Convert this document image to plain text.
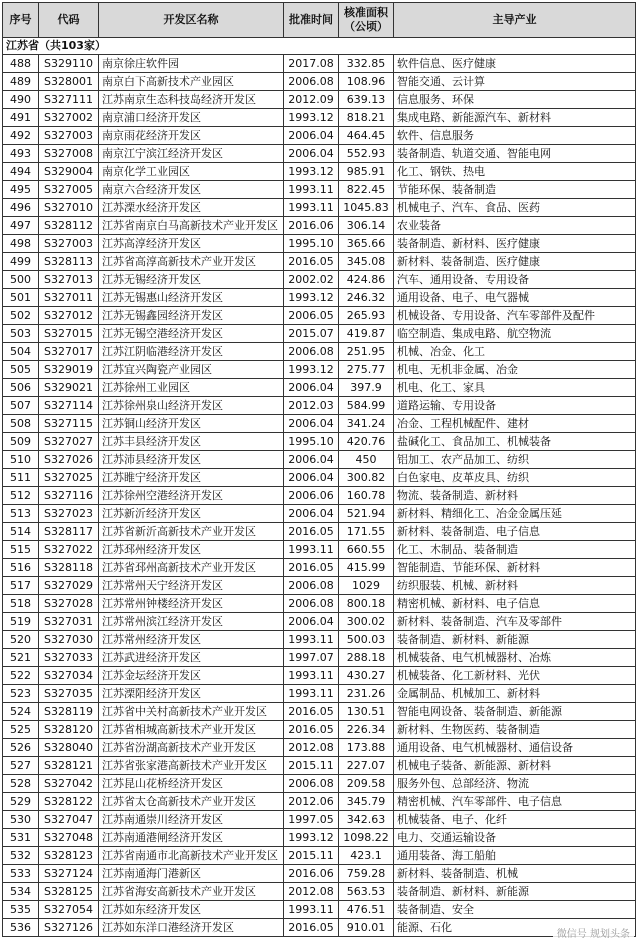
序号	代码	开发区名称	批准时间	核准面积（公顷）	主导产业
江苏省（共103家）					
488	S329110	南京徐庄软件园	2017.08	332.85	软件信息、医疗健康
489	S328001	南京白下高新技术产业园区	2006.08	108.96	智能交通、云计算
490	S327111	江苏南京生态科技岛经济开发区	2012.09	639.13	信息服务、环保
491	S327002	南京浦口经济开发区	1993.12	818.21	集成电路、新能源汽车、新材料
492	S327003	南京雨花经济开发区	2006.04	464.45	软件、信息服务
493	S327008	南京江宁滨江经济开发区	2006.04	552.93	装备制造、轨道交通、智能电网
494	S329004	南京化学工业园区	1993.12	985.91	化工、钢铁、热电
495	S327005	南京六合经济开发区	1993.11	822.45	节能环保、装备制造
496	S327010	江苏溧水经济开发区	1993.11	1045.83	机械电子、汽车、食品、医药
497	S328112	江苏省南京白马高新技术产业开发区	2016.06	306.14	农业装备
498	S327003	江苏高淳经济开发区	1995.10	365.66	装备制造、新材料、医疗健康
499	S328113	江苏省高淳高新技术产业开发区	2016.05	345.08	新材料、装备制造、医疗健康
500	S327013	江苏无锡经济开发区	2002.02	424.86	汽车、通用设备、专用设备
501	S327011	江苏无锡惠山经济开发区	1993.12	246.32	通用设备、电子、电气器械
502	S327012	江苏无锡鑫园经济开发区	2006.05	265.93	机械设备、专用设备、汽车零部件及配件
503	S327015	江苏无锡空港经济开发区	2015.07	419.87	临空制造、集成电路、航空物流
504	S327017	江苏江阴临港经济开发区	2006.08	251.95	机械、冶金、化工
505	S329019	江苏宜兴陶瓷产业园区	1993.12	275.77	机电、无机非金属、冶金
506	S329021	江苏徐州工业园区	2006.04	397.9	机电、化工、家具
507	S327114	江苏徐州泉山经济开发区	2012.03	584.99	道路运输、专用设备
508	S327115	江苏铜山经济开发区	2006.04	341.24	冶金、工程机械配件、建材
509	S327027	江苏丰县经济开发区	1995.10	420.76	盐碱化工、食品加工、机械装备
510	S327026	江苏沛县经济开发区	2006.04	450	铝加工、农产品加工、纺织
511	S327025	江苏睢宁经济开发区	2006.04	300.82	白色家电、皮革皮具、纺织
512	S327116	江苏徐州空港经济开发区	2006.06	160.78	物流、装备制造、新材料
513	S327023	江苏新沂经济开发区	2006.04	521.94	新材料、精细化工、冶金金属压延
514	S328117	江苏省新沂高新技术产业开发区	2016.05	171.55	新材料、装备制造、电子信息
515	S327022	江苏邳州经济开发区	1993.11	660.55	化工、木制品、装备制造
516	S328118	江苏省邳州高新技术产业开发区	2016.05	415.99	智能制造、节能环保、新材料
517	S327029	江苏常州天宁经济开发区	2006.08	1029	纺织服装、机械、新材料
518	S327028	江苏常州钟楼经济开发区	2006.08	800.18	精密机械、新材料、电子信息
519	S327031	江苏常州滨江经济开发区	2006.04	300.02	新材料、装备制造、汽车及零部件
520	S327030	江苏常州经济开发区	1993.11	500.03	装备制造、新材料、新能源
521	S327033	江苏武进经济开发区	1997.07	288.18	机械装备、电气机械器材、冶炼
522	S327034	江苏金坛经济开发区	1993.11	430.27	机械装备、化工新材料、光伏
523	S327035	江苏溧阳经济开发区	1993.11	231.26	金属制品、机械加工、新材料
524	S328119	江苏省中关村高新技术产业开发区	2016.05	130.51	智能电网设备、装备制造、新能源
525	S328120	江苏省相城高新技术产业开发区	2016.05	226.34	新材料、生物医药、装备制造
526	S328040	江苏省汾湖高新技术产业开发区	2012.08	173.88	通用设备、电气机械器材、通信设备
527	S328121	江苏省张家港高新技术产业开发区	2015.11	227.07	机械电子装备、新能源、新材料
528	S327042	江苏昆山花桥经济开发区	2006.08	209.58	服务外包、总部经济、物流
529	S328122	江苏省太仓高新技术产业开发区	2012.06	345.79	精密机械、汽车零部件、电子信息
530	S327047	江苏南通崇川经济开发区	1997.05	342.63	机械装备、电子、化纤
531	S327048	江苏南通港闸经济开发区	1993.12	1098.22	电力、交通运输设备
532	S328123	江苏省南通市北高新技术产业开发区	2015.11	423.1	通用装备、海工船舶
533	S327124	江苏南通海门港新区	2016.06	759.28	新材料、装备制造、机械
534	S328125	江苏省海安高新技术产业开发区	2012.08	563.53	装备制造、新材料、新能源
535	S327054	江苏如东经济开发区	1993.11	476.51	装备制造、安全
536	S327126	江苏如东洋口港经济开发区	2016.05	910.01	能源、石化
微信号 规划头条
